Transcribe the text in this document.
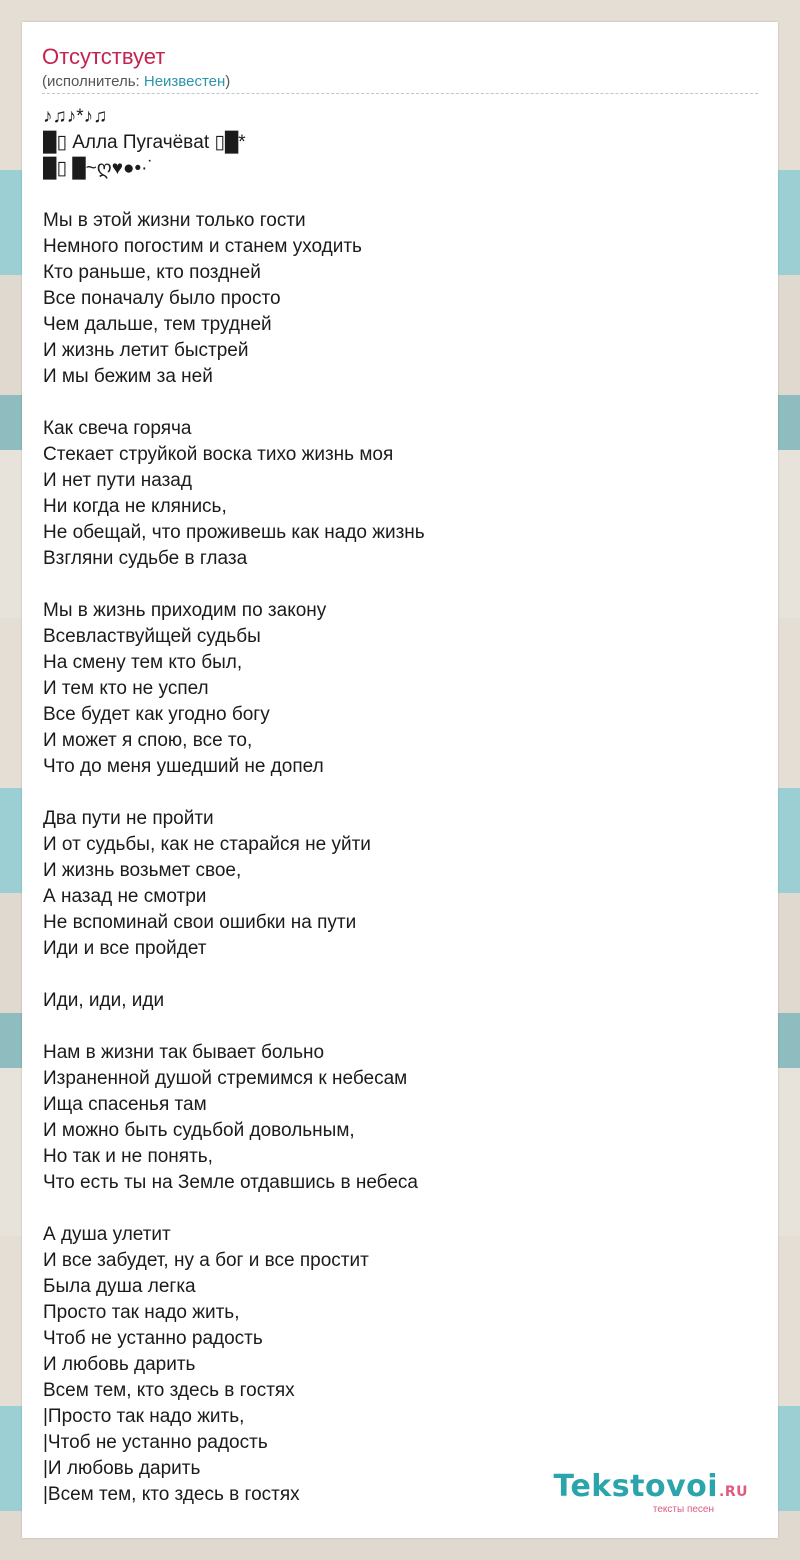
Отсутствует
(исполнитель: Неизвестен)
♪♫♪*♪♫
█▯ Алла Пугачёвat ▯█*
█▯ █~ღ♥●•·˙

Мы в этой жизни только гости
Немного погостим и станем уходить
Кто раньше, кто поздней
Все поначалу было просто
Чем дальше, тем трудней
И жизнь летит быстрей
И мы бежим за ней

Как свеча горяча
Стекает струйкой воска тихо жизнь моя
И нет пути назад
Ни когда не клянись,
Не обещай, что проживешь как надо жизнь
Взгляни судьбе в глаза

Мы в жизнь приходим по закону
Всевластвуйщей судьбы
На смену тем кто был,
И тем кто не успел
Все будет как угодно богу
И может я спою, все то,
Что до меня ушедший не допел

Два пути не пройти
И от судьбы, как не старайся не уйти
И жизнь возьмет свое,
А назад не смотри
Не вспоминай свои ошибки на пути
Иди и все пройдет

Иди, иди, иди

Нам в жизни так бывает больно
Израненной душой стремимся к небесам
Ища спасенья там
И можно быть судьбой довольным,
Но так и не понять,
Что есть ты на Земле отдавшись в небеса

А душа улетит
И все забудет, ну а бог и все простит
Была душа легка
Просто так надо жить,
Чтоб не устанно радость
И любовь дарить
Всем тем, кто здесь в гостях
|Просто так надо жить,
|Чтоб не устанно радость
|И любовь дарить
|Всем тем, кто здесь в гостях	Tekstovoi.RU
тексты песен
